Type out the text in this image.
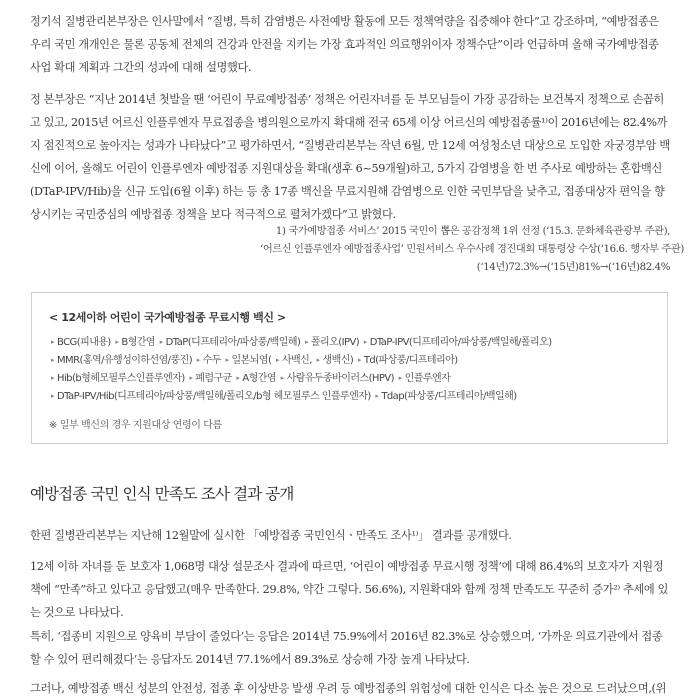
정기석 질병관리본부장은 인사말에서 “질병, 특히 감염병은 사전예방 활동에 모든 정책역량을 집중해야 한다”고 강조하며, “예방접종은 우리 국민 개개인은 물론 공동체 전체의 건강과 안전을 지키는 가장 효과적인 의료행위이자 정책수단”이라 언급하며 올해 국가예방접종 사업 확대 계획과 그간의 성과에 대해 설명했다.

정 본부장은 “지난 2014년 첫발을 땐 ‘어린이 무료예방접종’ 정책은 어린자녀를 둔 부모님들이 가장 공감하는 보건복지 정책으로 손꼽히고 있고, 2015년 어르신 인플루엔자 무료접종을 병의원으로까지 확대해 전국 65세 이상 어르신의 예방접종률¹⁾이 2016년에는 82.4%까지 점진적으로 높아지는 성과가 나타났다”고 평가하면서, “질병관리본부는 작년 6월, 만 12세 여성청소년 대상으로 도입한 자궁경부암 백신에 이어, 올해도 어린이 인플루엔자 예방접종 지원대상을 확대(생후 6~59개월)하고, 5가지 감염병을 한 번 주사로 예방하는 혼합백신(DTaP-IPV/Hib)을 신규 도입(6월 이후) 하는 등 총 17종 백신을 무료지원해 감염병으로 인한 국민부담을 낮추고, 접종대상자 편익을 향상시키는 국민중심의 예방접종 정책을 보다 적극적으로 펼쳐가겠다”고 밝혔다.

1) 국가예방접종 서비스’ 2015 국민이 뽑은 공감정책 1위 선정 (‘15.3. 문화체육관광부 주관),
‘어르신 인플루엔자 예방접종사업’ 민원서비스 우수사례 경진대회 대통령상 수상(‘16.6. 행자부 주관)
(‘14년)72.3%→(‘15년)81%→(‘16년)82.4%
< 12세이하 어린이 국가예방접종 무료시행 백신 >
▸ BCG(피내용) ▸ B형간염 ▸ DTaP(디프테리아/파상풍/백일해) ▸ 폴리오(IPV) ▸ DTaP-IPV(디프테리아/파상풍/백일해/폴리오)
▸ MMR(홍역/유행성이하선염/풍진) ▸ 수두 ▸ 일본뇌염( ▸ 사백신, ▸ 생백신) ▸ Td(파상풍/디프테리아)
▸ Hib(b형헤모필루스인플루엔자) ▸ 폐렴구균 ▸ A형간염 ▸ 사람유두종바이러스(HPV) ▸ 인플루엔자
▸ DTaP-IPV/Hib(디프테리아/파상풍/백일해/폴리오/b형 헤모필루스 인플루엔자) ▸ Tdap(파상풍/디프테리아/백일해)
※ 일부 백신의 경우 지원대상 연령이 다름
예방접종 국민 인식 만족도 조사 결과 공개

한편 질병관리본부는 지난해 12월말에 실시한 「예방접종 국민인식ㆍ만족도 조사¹⁾」 결과를 공개했다.

12세 이하 자녀를 둔 보호자 1,068명 대상 설문조사 결과에 따르면, ‘어린이 예방접종 무료시행 정책’에 대해 86.4%의 보호자가 지원정책에 “만족”하고 있다고 응답했고(매우 만족한다. 29.8%, 약간 그렇다. 56.6%), 지원확대와 함께 정책 만족도도 꾸준히 증가²⁾ 추세에 있는 것으로 나타났다.

특히, ‘접종비 지원으로 양육비 부담이 줄었다’는 응답은 2014년 75.9%에서 2016년 82.3%로 상승했으며, ‘가까운 의료기관에서 접종할 수 있어 편리해졌다’는 응답자도 2014년 77.1%에서 89.3%로 상승해 가장 높게 나타났다.

그러나, 예방접종 백신 성분의 안전성, 접종 후 이상반응 발생 우려 등 예방접종의 위험성에 대한 인식은 다소 높은 것으로 드러났으며,(위
